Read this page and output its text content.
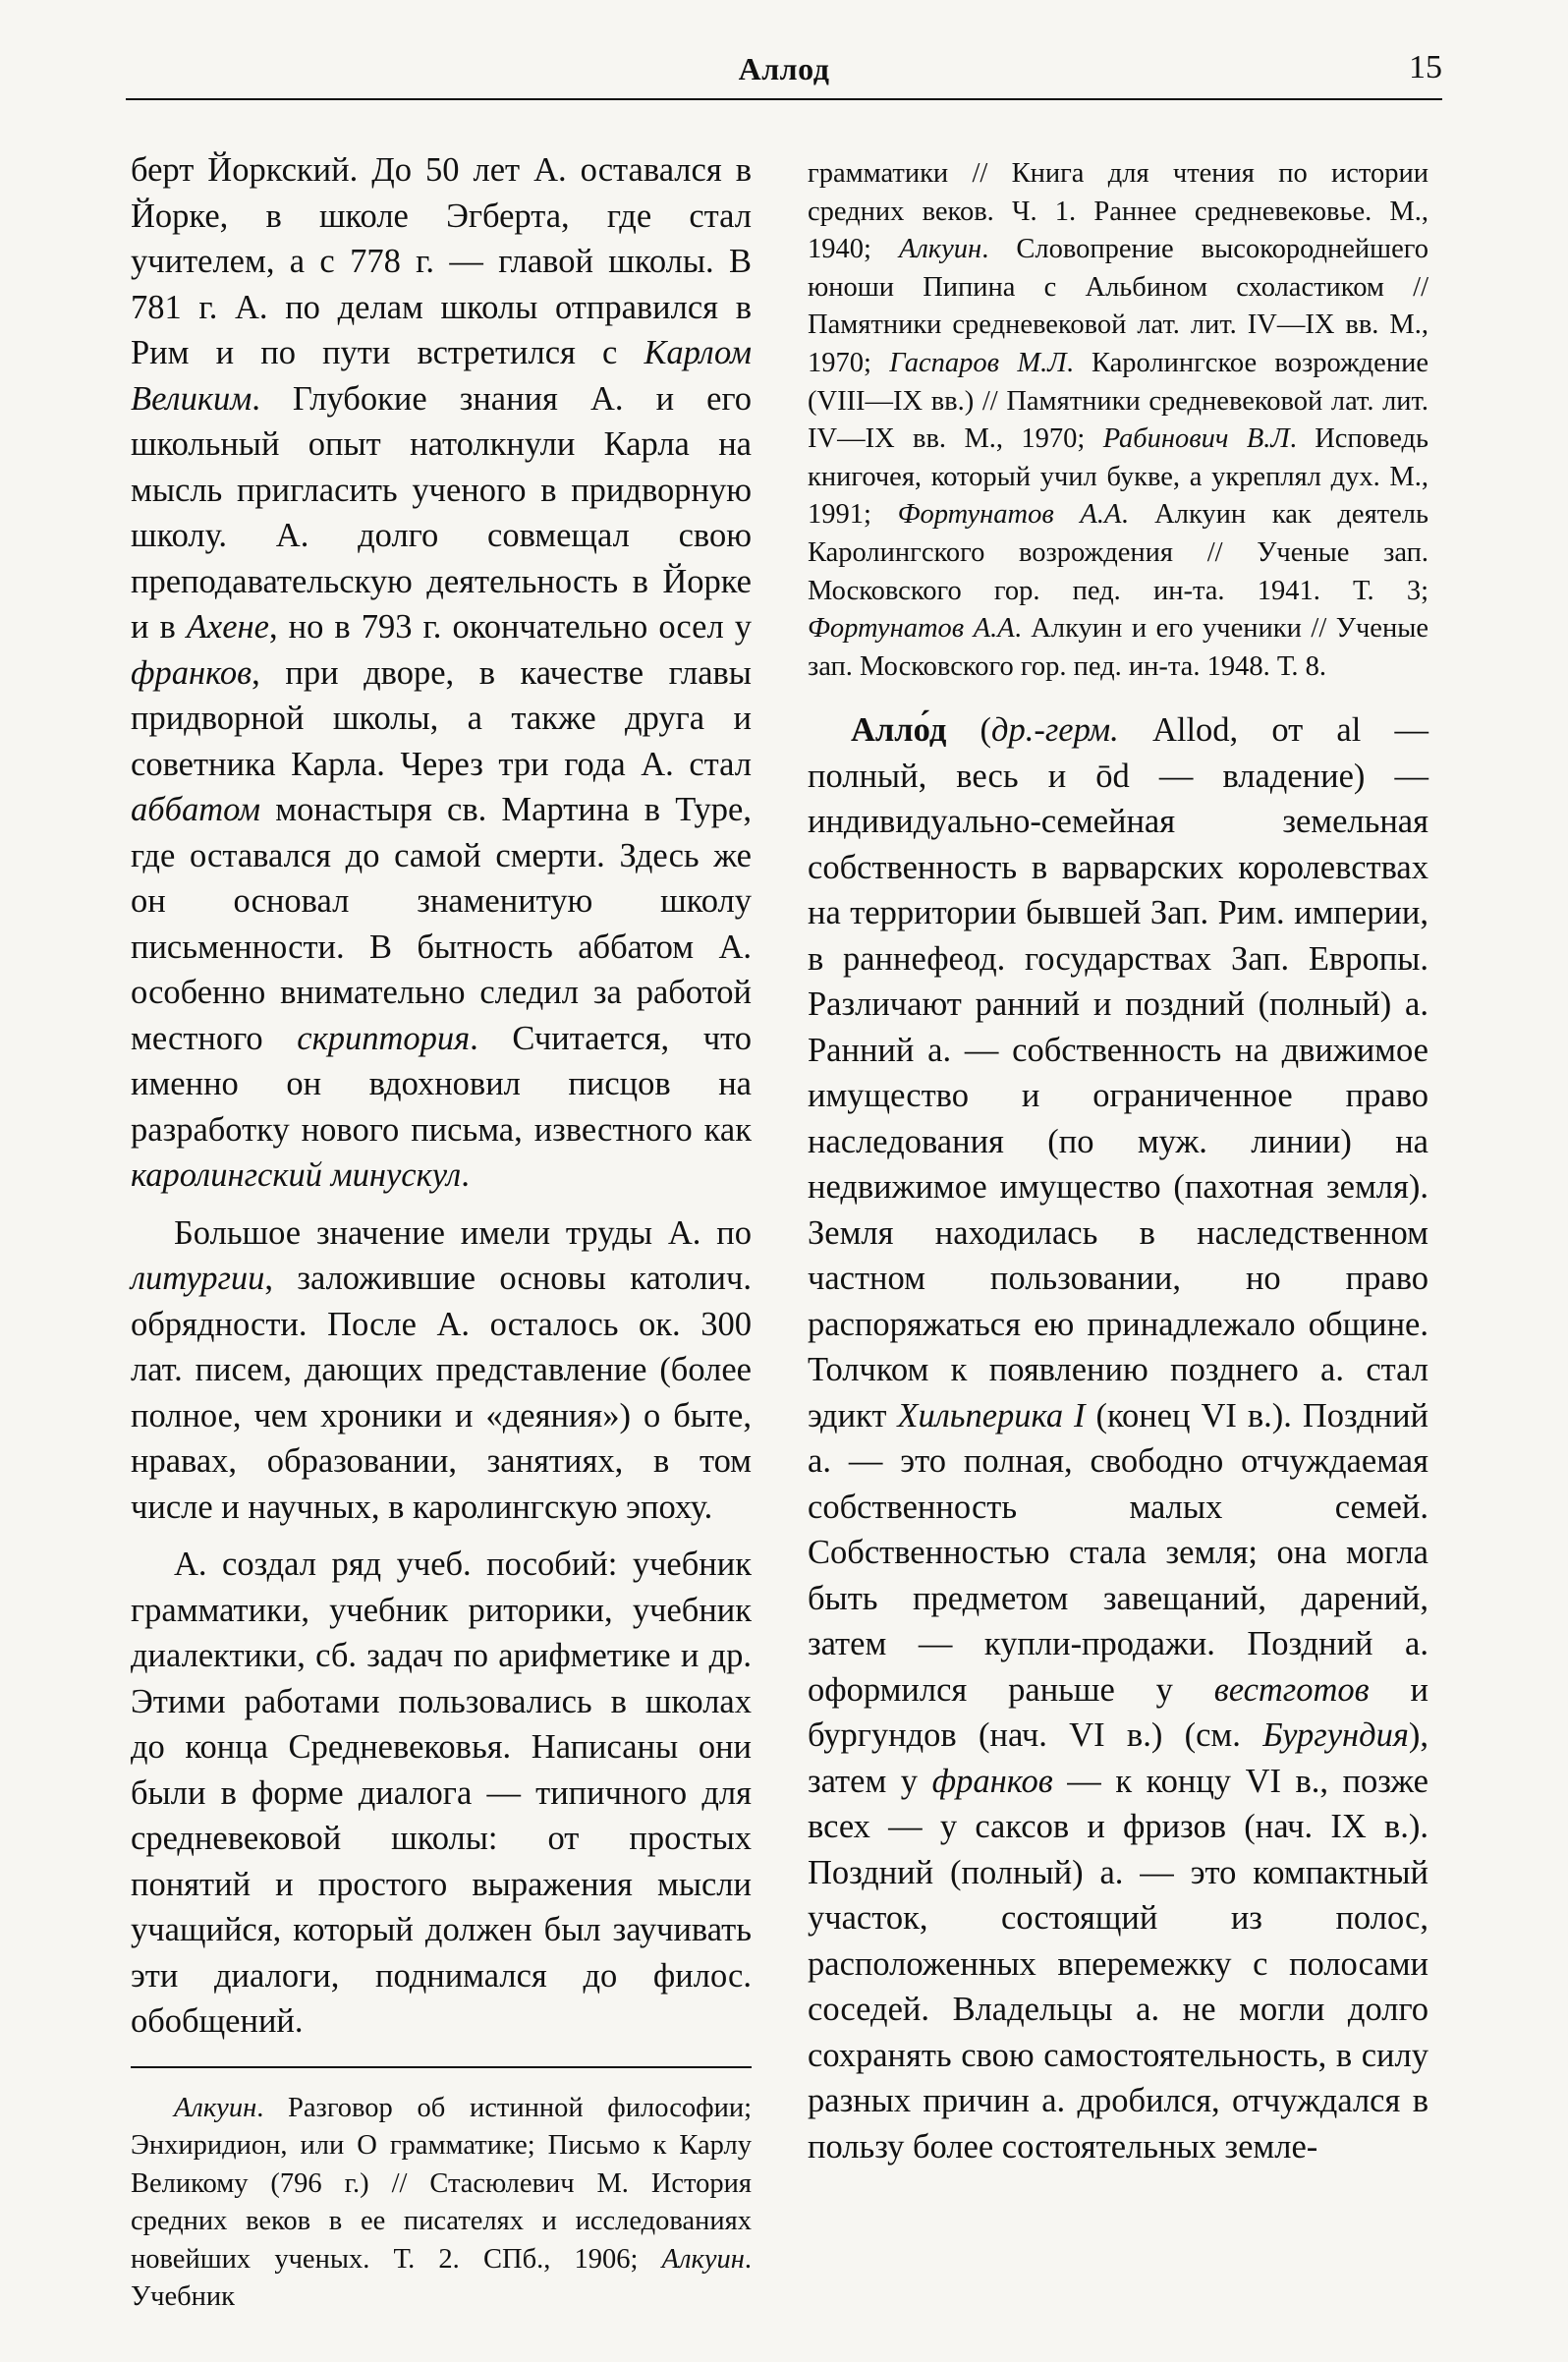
Аллод	15

берт Йоркский. До 50 лет А. оставался в Йорке, в школе Эгберта, где стал учителем, а с 778 г. — главой школы. В 781 г. А. по делам школы отправился в Рим и по пути встретился с Карлом Великим. Глубокие знания А. и его школьный опыт натолкнули Карла на мысль пригласить ученого в придворную школу. А. долго совмещал свою преподавательскую деятельность в Йорке и в Ахене, но в 793 г. окончательно осел у франков, при дворе, в качестве главы придворной школы, а также друга и советника Карла. Через три года А. стал аббатом монастыря св. Мартина в Туре, где оставался до самой смерти. Здесь же он основал знаменитую школу письменности. В бытность аббатом А. особенно внимательно следил за работой местного скриптория. Считается, что именно он вдохновил писцов на разработку нового письма, известного как каролингский минускул.

Большое значение имели труды А. по литургии, заложившие основы католич. обрядности. После А. осталось ок. 300 лат. писем, дающих представление (более полное, чем хроники и «деяния») о быте, нравах, образовании, занятиях, в том числе и научных, в каролингскую эпоху.

А. создал ряд учеб. пособий: учебник грамматики, учебник риторики, учебник диалектики, сб. задач по арифметике и др. Этими работами пользовались в школах до конца Средневековья. Написаны они были в форме диалога — типичного для средневековой школы: от простых понятий и простого выражения мысли учащийся, который должен был заучивать эти диалоги, поднимался до филос. обобщений.

Алкуин. Разговор об истинной философии; Энхиридион, или О грамматике; Письмо к Карлу Великому (796 г.) // Стасюлевич М. История средних веков в ее писателях и исследованиях новейших ученых. Т. 2. СПб., 1906; Алкуин. Учебник

грамматики // Книга для чтения по истории средних веков. Ч. 1. Раннее средневековье. М., 1940; Алкуин. Словопрение высокороднейшего юноши Пипина с Альбином схоластиком // Памятники средневековой лат. лит. IV—IX вв. М., 1970; Гаспаров М.Л. Каролингское возрождение (VIII—IX вв.) // Памятники средневековой лат. лит. IV—IX вв. М., 1970; Рабинович В.Л. Исповедь книгочея, который учил букве, а укреплял дух. М., 1991; Фортунатов А.А. Алкуин как деятель Каролингского возрождения // Ученые зап. Московского гор. пед. ин-та. 1941. Т. 3; Фортунатов А.А. Алкуин и его ученики // Ученые зап. Московского гор. пед. ин-та. 1948. Т. 8.

Алло́д (др.-герм. Allod, от al — полный, весь и ōd — владение) — индивидуально-семейная земельная собственность в варварских королевствах на территории бывшей Зап. Рим. империи, в раннефеод. государствах Зап. Европы. Различают ранний и поздний (полный) а. Ранний а. — собственность на движимое имущество и ограниченное право наследования (по муж. линии) на недвижимое имущество (пахотная земля). Земля находилась в наследственном частном пользовании, но право распоряжаться ею принадлежало общине. Толчком к появлению позднего а. стал эдикт Хильперика I (конец VI в.). Поздний а. — это полная, свободно отчуждаемая собственность малых семей. Собственностью стала земля; она могла быть предметом завещаний, дарений, затем — купли-продажи. Поздний а. оформился раньше у вестготов и бургундов (нач. VI в.) (см. Бургундия), затем у франков — к концу VI в., позже всех — у саксов и фризов (нач. IX в.). Поздний (полный) а. — это компактный участок, состоящий из полос, расположенных вперемежку с полосами соседей. Владельцы а. не могли долго сохранять свою самостоятельность, в силу разных причин а. дробился, отчуждался в пользу более состоятельных земле-
